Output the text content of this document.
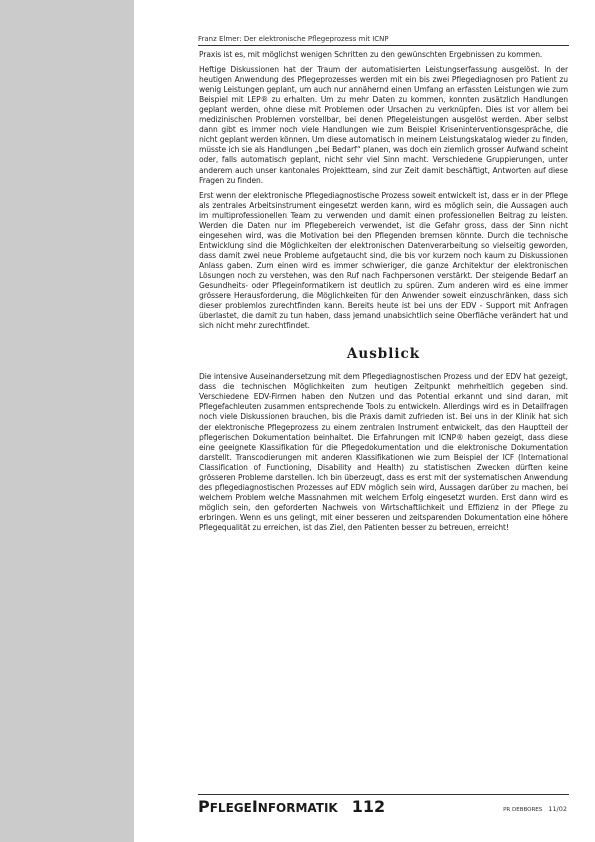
Franz Elmer: Der elektronische Pflegeprozess mit ICNP

Praxis ist es, mit möglichst wenigen Schritten zu den gewünschten Ergebnissen zu kommen.

Heftige Diskussionen hat der Traum der automatisierten Leistungserfassung ausgelöst. In der heutigen Anwendung des Pflegeprozesses werden mit ein bis zwei Pflegediagnosen pro Patient zu wenig Leistungen geplant, um auch nur annähernd einen Umfang an erfassten Leistungen wie zum Beispiel mit LEP® zu erhalten. Um zu mehr Daten zu kommen, konnten zusätzlich Handlungen geplant werden, ohne diese mit Problemen oder Ursachen zu verknüpfen. Dies ist vor allem bei medizinischen Problemen vorstellbar, bei denen Pflegeleistungen ausgelöst werden. Aber selbst dann gibt es immer noch viele Handlungen wie zum Beispiel Kriseninterventionsgespräche, die nicht geplant werden können. Um diese automatisch in meinem Leistungskatalog wieder zu finden, müsste ich sie als Handlungen „bei Bedarf“ planen, was doch ein ziemlich grosser Aufwand scheint oder, falls automatisch geplant, nicht sehr viel Sinn macht. Verschiedene Gruppierungen, unter anderem auch unser kantonales Projektteam, sind zur Zeit damit beschäftigt, Antworten auf diese Fragen zu finden.

Erst wenn der elektronische Pflegediagnostische Prozess soweit entwickelt ist, dass er in der Pflege als zentrales Arbeitsinstrument eingesetzt werden kann, wird es möglich sein, die Aussagen auch im multiprofessionellen Team zu verwenden und damit einen professionellen Beitrag zu leisten. Werden die Daten nur im Pflegebereich verwendet, ist die Gefahr gross, dass der Sinn nicht eingesehen wird, was die Motivation bei den Pflegenden bremsen könnte. Durch die technische Entwicklung sind die Möglichkeiten der elektronischen Datenverarbeitung so vielseitig geworden, dass damit zwei neue Probleme aufgetaucht sind, die bis vor kurzem noch kaum zu Diskussionen Anlass gaben. Zum einen wird es immer schwieriger, die ganze Architektur der elektronischen Lösungen noch zu verstehen, was den Ruf nach Fachpersonen verstärkt. Der steigende Bedarf an Gesundheits- oder Pflegeinformatikern ist deutlich zu spüren. Zum anderen wird es eine immer grössere Herausforderung, die Möglichkeiten für den Anwender soweit einzuschränken, dass sich dieser problemlos zurechtfinden kann. Bereits heute ist bei uns der EDV - Support mit Anfragen überlastet, die damit zu tun haben, dass jemand unabsichtlich seine Oberfläche verändert hat und sich nicht mehr zurechtfindet.

Ausblick

Die intensive Auseinandersetzung mit dem Pflegediagnostischen Prozess und der EDV hat gezeigt, dass die technischen Möglichkeiten zum heutigen Zeitpunkt mehrheitlich gegeben sind. Verschiedene EDV-Firmen haben den Nutzen und das Potential erkannt und sind daran, mit Pflegefachleuten zusammen entsprechende Tools zu entwickeln. Allerdings wird es in Detailfragen noch viele Diskussionen brauchen, bis die Praxis damit zufrieden ist. Bei uns in der Klinik hat sich der elektronische Pflegeprozess zu einem zentralen Instrument entwickelt, das den Hauptteil der pflegerischen Dokumentation beinhaltet. Die Erfahrungen mit ICNP® haben gezeigt, dass diese eine geeignete Klassifikation für die Pflegedokumentation und die elektronische Dokumentation darstellt. Transcodierungen mit anderen Klassifikationen wie zum Beispiel der ICF (International Classification of Functioning, Disability and Health) zu statistischen Zwecken dürften keine grösseren Probleme darstellen. Ich bin überzeugt, dass es erst mit der systematischen Anwendung des pflegediagnostischen Prozesses auf EDV möglich sein wird, Aussagen darüber zu machen, bei welchem Problem welche Massnahmen mit welchem Erfolg eingesetzt wurden. Erst dann wird es möglich sein, den geforderten Nachweis von Wirtschaftlichkeit und Effizienz in der Pflege zu erbringen. Wenn es uns gelingt, mit einer besseren und zeitsparenden Dokumentation eine höhere Pflegequalität zu erreichen, ist das Ziel, den Patienten besser zu betreuen, erreicht!

PFLEGEINFORMATIK 112	PR DEBBORES 11/02
